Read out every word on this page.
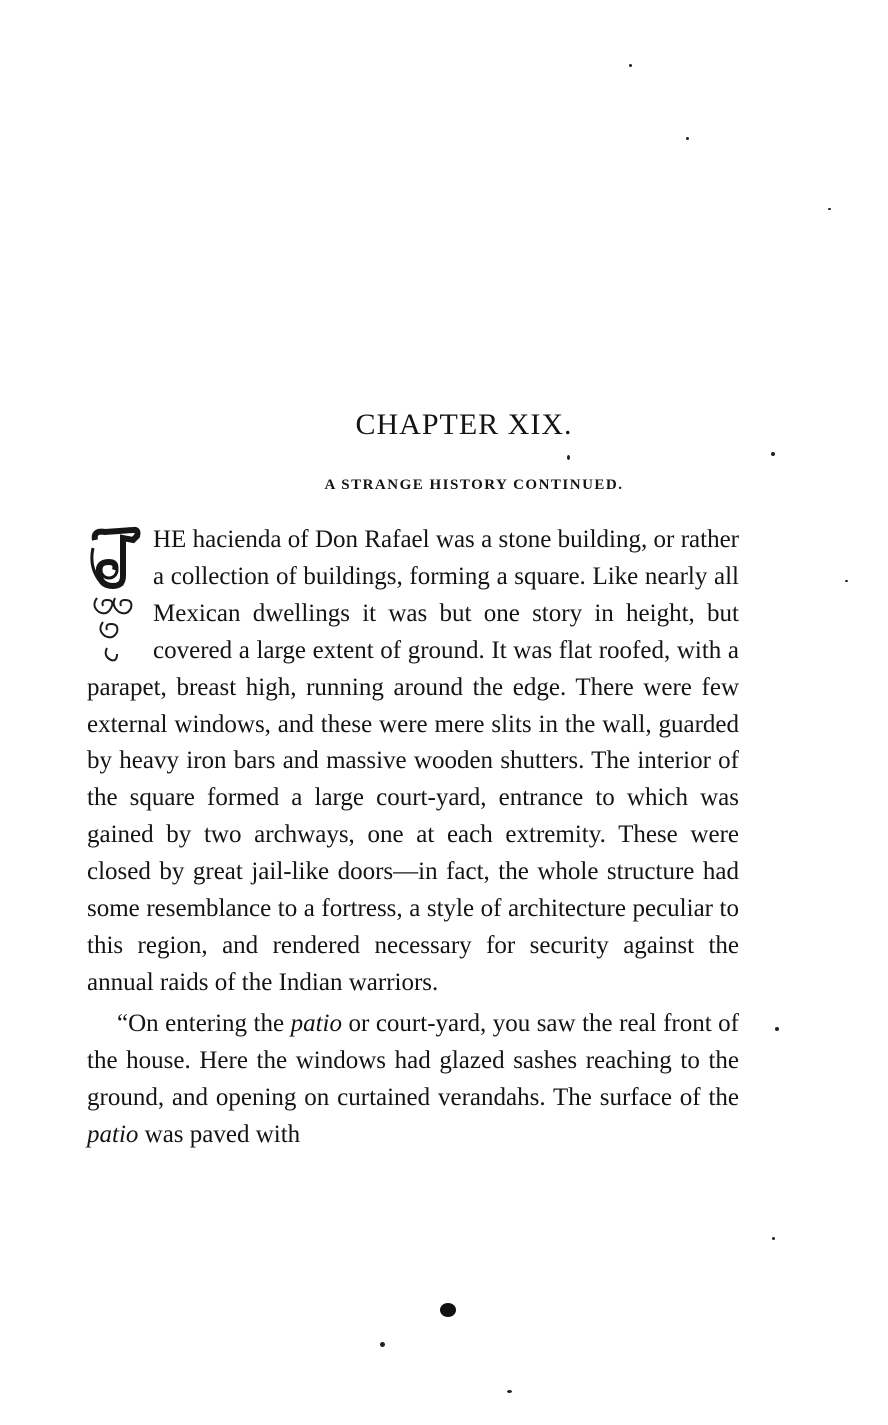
CHAPTER XIX.
A STRANGE HISTORY CONTINUED.

HE hacienda of Don Rafael was a stone building, or rather a collection of buildings, forming a square. Like nearly all Mexican dwellings it was but one story in height, but covered a large extent of ground. It was flat roofed, with a parapet, breast high, running around the edge. There were few external windows, and these were mere slits in the wall, guarded by heavy iron bars and massive wooden shutters. The interior of the square formed a large court-yard, entrance to which was gained by two archways, one at each extremity. These were closed by great jail-like doors—in fact, the whole structure had some resemblance to a fortress, a style of architecture peculiar to this region, and rendered necessary for security against the annual raids of the Indian warriors.

“On entering the patio or court-yard, you saw the real front of the house. Here the windows had glazed sashes reaching to the ground, and opening on curtained verandahs. The surface of the patio was paved with
